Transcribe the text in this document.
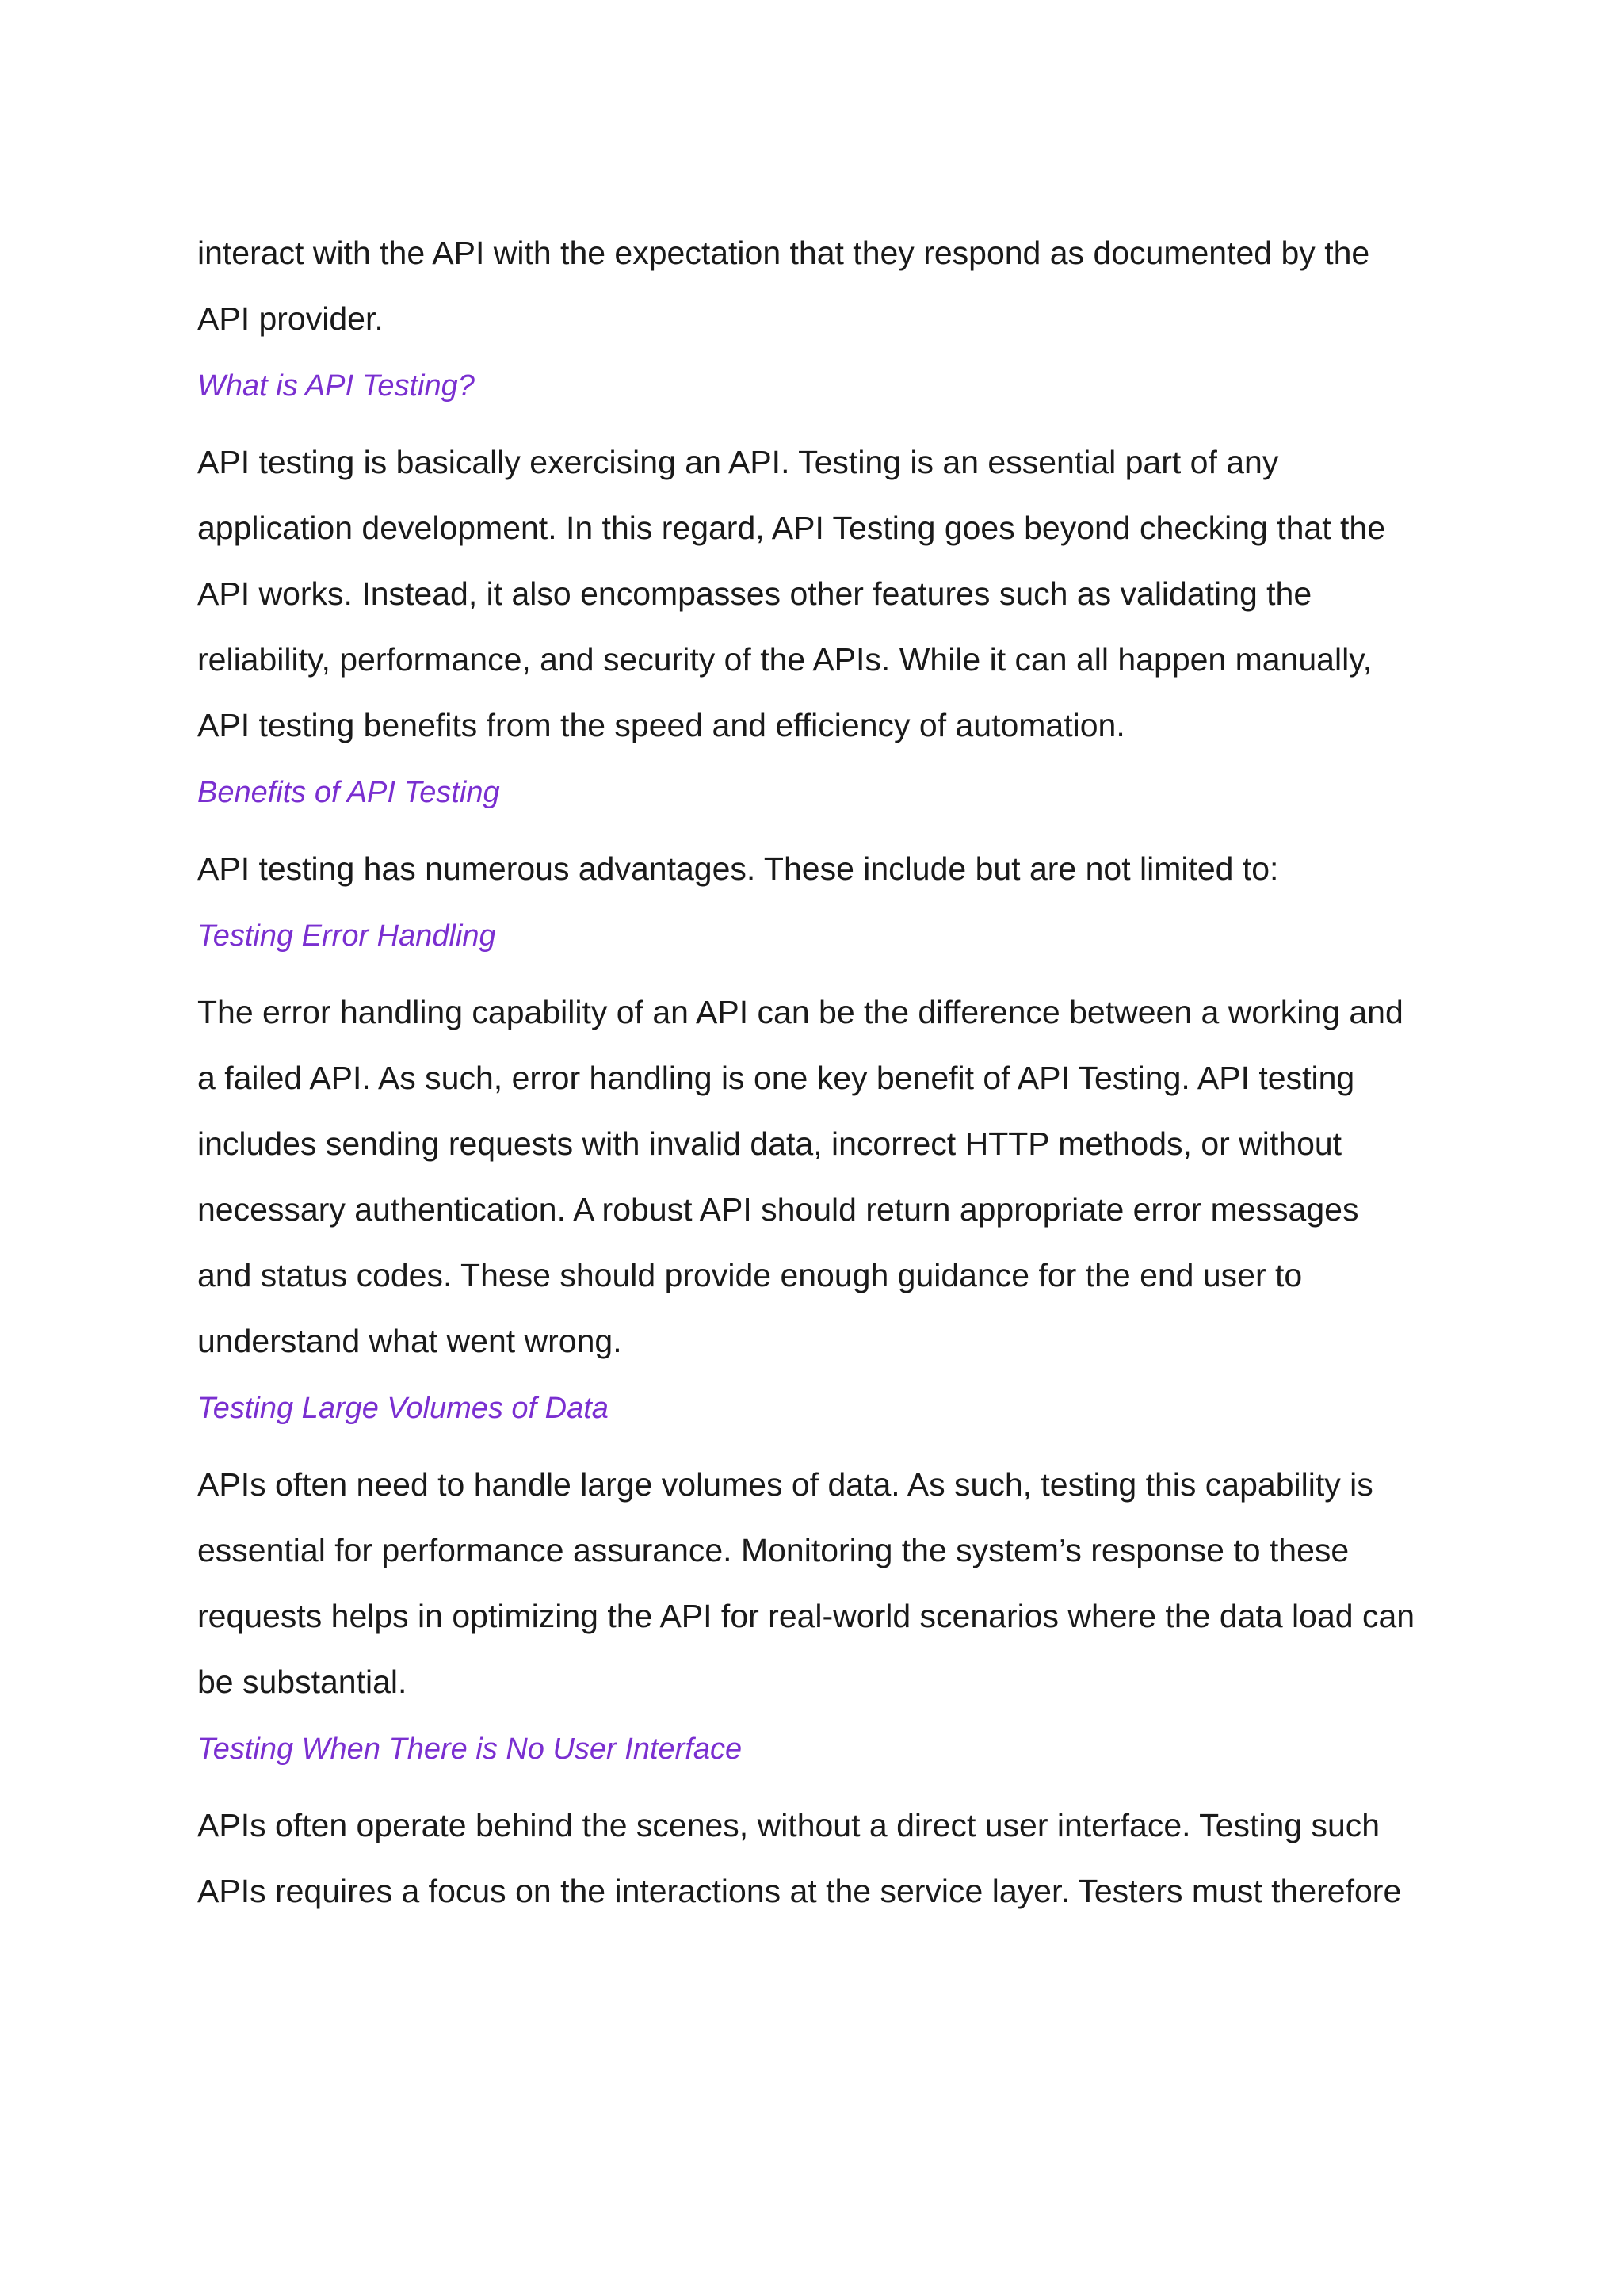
interact with the API with the expectation that they respond as documented by the
API provider.

What is API Testing?

API testing is basically exercising an API. Testing is an essential part of any
application development. In this regard, API Testing goes beyond checking that the
API works. Instead, it also encompasses other features such as validating the
reliability, performance, and security of the APIs. While it can all happen manually,
API testing benefits from the speed and efficiency of automation.

Benefits of API Testing

API testing has numerous advantages. These include but are not limited to:

Testing Error Handling

The error handling capability of an API can be the difference between a working and
a failed API. As such, error handling is one key benefit of API Testing. API testing
includes sending requests with invalid data, incorrect HTTP methods, or without
necessary authentication. A robust API should return appropriate error messages
and status codes. These should provide enough guidance for the end user to
understand what went wrong.

Testing Large Volumes of Data

APIs often need to handle large volumes of data. As such, testing this capability is
essential for performance assurance. Monitoring the system’s response to these
requests helps in optimizing the API for real-world scenarios where the data load can
be substantial.

Testing When There is No User Interface

APIs often operate behind the scenes, without a direct user interface. Testing such
APIs requires a focus on the interactions at the service layer. Testers must therefore
